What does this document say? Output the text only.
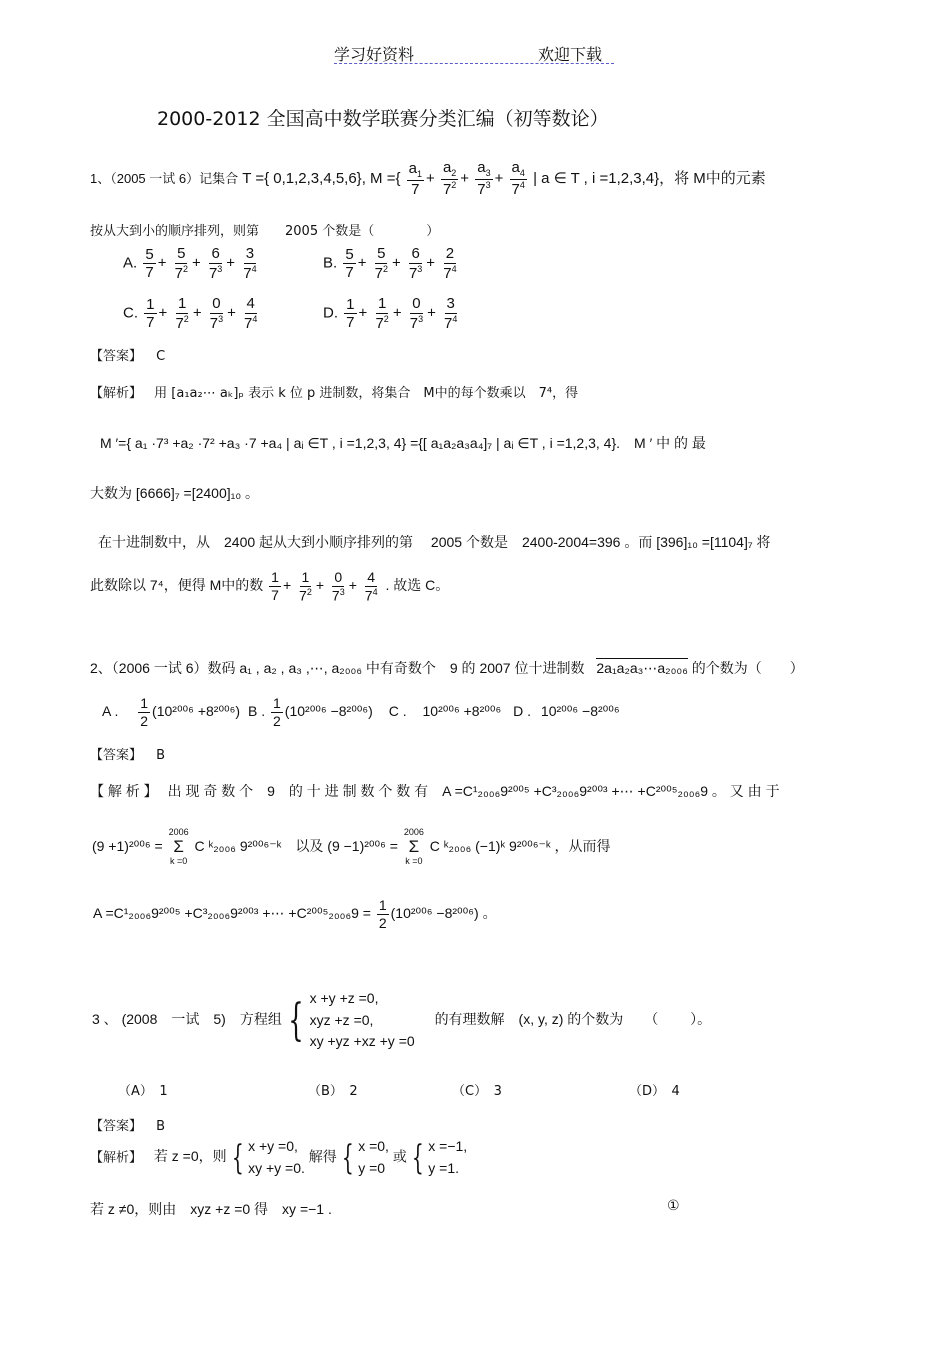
学习好资料	欢迎下载
2000-2012 全国高中数学联赛分类汇编（初等数论）
1、（2005 一试 6）记集合 T ={ 0,1,2,3,4,5,6}, M ={ $\frac{a_1}{7} + \frac{a_2}{7^2} + \frac{a_3}{7^3} + \frac{a_4}{7^4}$ | a ∈ T , i =1,2,3,4}，将 M中的元素
按从大到小的顺序排列，则第　　2005 个数是（　　　　）
A. $\frac{5}{7} + \frac{5}{7^2} + \frac{6}{7^3} + \frac{3}{7^4}$	B. $\frac{5}{7} + \frac{5}{7^2} + \frac{6}{7^3} + \frac{2}{7^4}$
C. $\frac{1}{7} + \frac{1}{7^2} + \frac{0}{7^3} + \frac{4}{7^4}$	D. $\frac{1}{7} + \frac{1}{7^2} + \frac{0}{7^3} + \frac{3}{7^4}$
【答案】 C
【解析】 用 [a₁a₂⋯ aₖ]ₚ 表示 k 位 p 进制数，将集合　M中的每个数乘以　7⁴，得
M ′={ a₁ ·7³ +a₂ ·7² +a₃ ·7 +a₄ | aᵢ ∈T , i =1,2,3, 4} ={[ a₁a₂a₃a₄]₇ | aᵢ ∈T , i =1,2,3, 4}.　M ′ 中 的 最
大数为 [6666]₇ =[2400]₁₀ 。
在十进制数中，从　2400 起从大到小顺序排列的第　 2005 个数是　2400-2004=396 。而 [396]₁₀ =[1104]₇ 将
此数除以 7⁴，便得 M中的数 $\frac{1}{7} + \frac{1}{7^2} + \frac{0}{7^3} + \frac{4}{7^4}$ . 故选 C。
2、（2006 一试 6）数码 a₁ , a₂ , a₃ ,⋯, a₂₀₀₆ 中有奇数个　9 的 2007 位十进制数 2a₁a₂a₃⋯a₂₀₀₆ 的个数为（　　）
A . $\frac{1}{2} (10^{2006} +8^{2006})$ B . $\frac{1}{2} (10^{2006} -8^{2006})$ C . 10²⁰⁰⁶ +8²⁰⁰⁶ D . 10²⁰⁰⁶ −8²⁰⁰⁶
【答案】 B
【 解 析 】 出 现 奇 数 个　9　的 十 进 制 数 个 数 有　A =C¹₂₀₀₆9²⁰⁰⁵ +C³₂₀₀₆9²⁰⁰³ +⋯ +C²⁰⁰⁵₂₀₀₆9 。 又 由 于
(9 +1)²⁰⁰⁶ =
2006
Σ
k =0
C ᵏ₂₀₀₆ 9²⁰⁰⁶⁻ᵏ　以及 (9 −1)²⁰⁰⁶ =
2006
Σ
k =0
C ᵏ₂₀₀₆ (−1)ᵏ 9²⁰⁰⁶⁻ᵏ ，从而得
A =C¹₂₀₀₆9²⁰⁰⁵ +C³₂₀₀₆9²⁰⁰³ +⋯ $+C^{2005}_{2006}9 = \frac{1}{2} (10^{2006} -8^{2006})$ 。
3 、 (2008　一试　5)　方程组 { x +y +z =0,
xyz +z =0,
xy +yz +xz +y =0
的有理数解　(x, y, z) 的个数为　　（　　 ）。
（A）　1	（B）　2	（C）　3	（D）　4
【答案】 B
【解析】 若 z =0，则 { x +y =0,
xy +y =0.
解得 { x =0,
y =0
或 { x =−1,
y =1.
若 z ≠0，则由　xyz +z =0 得　xy =−1 .	①
